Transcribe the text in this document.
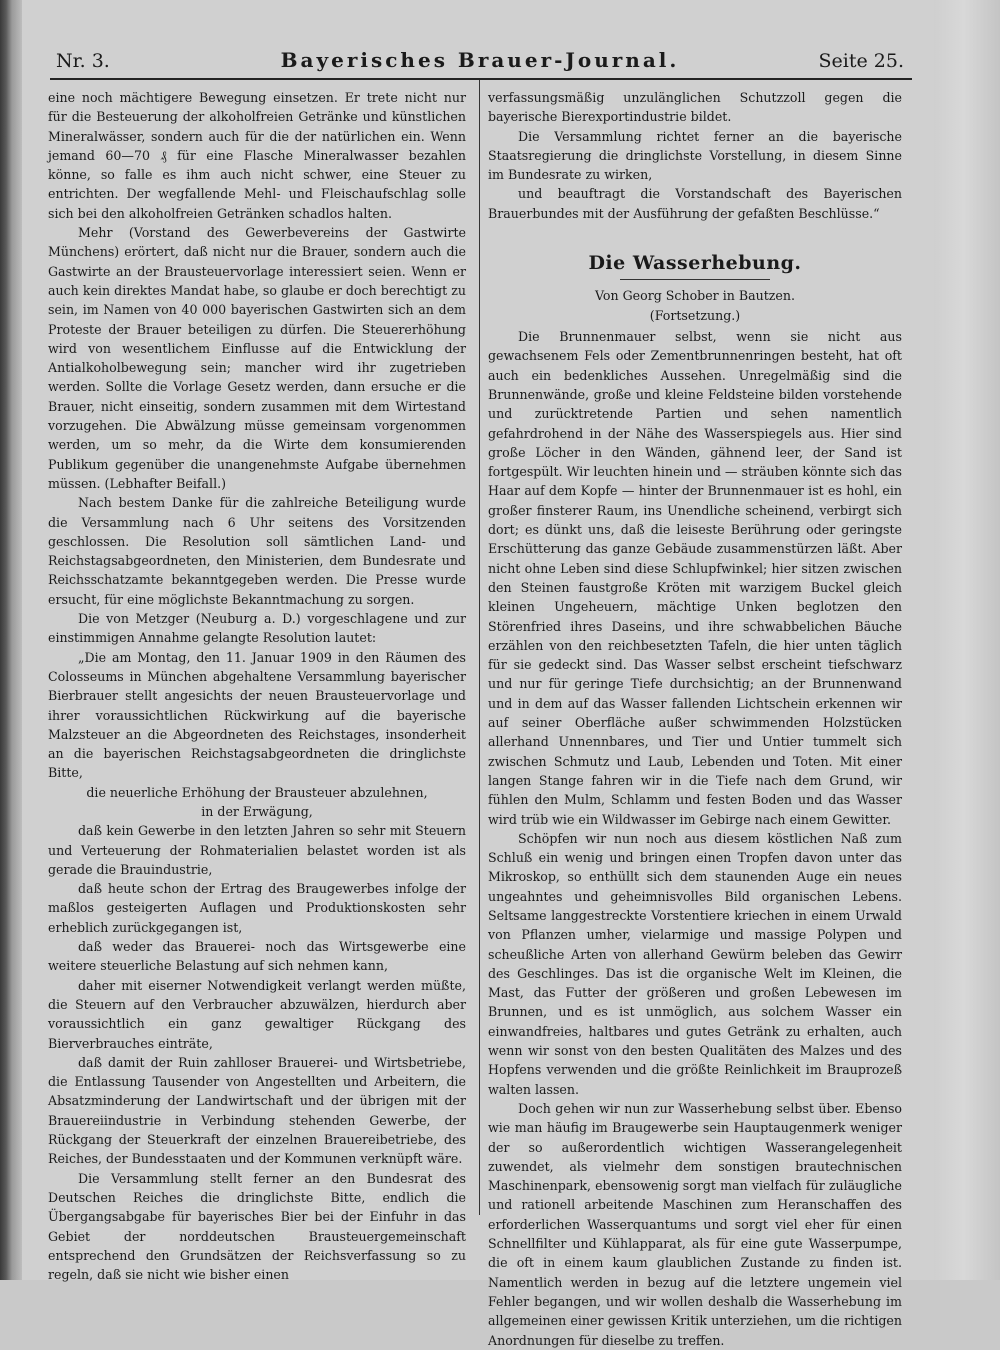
Nr. 3.	Bayerisches Brauer-Journal.	Seite 25.

eine noch mächtigere Bewegung einsetzen. Er trete nicht nur für die Besteuerung der alkoholfreien Getränke und künstlichen Mineralwässer, sondern auch für die der natürlichen ein. Wenn jemand 60—70 ₰ für eine Flasche Mineralwasser bezahlen könne, so falle es ihm auch nicht schwer, eine Steuer zu entrichten. Der wegfallende Mehl- und Fleischaufschlag solle sich bei den alkoholfreien Getränken schadlos halten.

Mehr (Vorstand des Gewerbevereins der Gastwirte Münchens) erörtert, daß nicht nur die Brauer, sondern auch die Gastwirte an der Brausteuervorlage interessiert seien. Wenn er auch kein direktes Mandat habe, so glaube er doch berechtigt zu sein, im Namen von 40 000 bayerischen Gastwirten sich an dem Proteste der Brauer beteiligen zu dürfen. Die Steuererhöhung wird von wesentlichem Einflusse auf die Entwicklung der Antialkoholbewegung sein; mancher wird ihr zugetrieben werden. Sollte die Vorlage Gesetz werden, dann ersuche er die Brauer, nicht einseitig, sondern zusammen mit dem Wirtestand vorzugehen. Die Abwälzung müsse gemeinsam vorgenommen werden, um so mehr, da die Wirte dem konsumierenden Publikum gegenüber die unangenehmste Aufgabe übernehmen müssen. (Lebhafter Beifall.)

Nach bestem Danke für die zahlreiche Beteiligung wurde die Versammlung nach 6 Uhr seitens des Vorsitzenden geschlossen. Die Resolution soll sämtlichen Land- und Reichstagsabgeordneten, den Ministerien, dem Bundesrate und Reichsschatzamte bekanntgegeben werden. Die Presse wurde ersucht, für eine möglichste Bekanntmachung zu sorgen.

Die von Metzger (Neuburg a. D.) vorgeschlagene und zur einstimmigen Annahme gelangte Resolution lautet:

„Die am Montag, den 11. Januar 1909 in den Räumen des Colosseums in München abgehaltene Versammlung bayerischer Bierbrauer stellt angesichts der neuen Brausteuervorlage und ihrer voraussichtlichen Rückwirkung auf die bayerische Malzsteuer an die Abgeordneten des Reichstages, insonderheit an die bayerischen Reichstagsabgeordneten die dringlichste Bitte,

die neuerliche Erhöhung der Brausteuer abzulehnen,

in der Erwägung,

daß kein Gewerbe in den letzten Jahren so sehr mit Steuern und Verteuerung der Rohmaterialien belastet worden ist als gerade die Brauindustrie,

daß heute schon der Ertrag des Braugewerbes infolge der maßlos gesteigerten Auflagen und Produktionskosten sehr erheblich zurückgegangen ist,

daß weder das Brauerei- noch das Wirtsgewerbe eine weitere steuerliche Belastung auf sich nehmen kann,

daher mit eiserner Notwendigkeit verlangt werden müßte, die Steuern auf den Verbraucher abzuwälzen, hierdurch aber voraussichtlich ein ganz gewaltiger Rückgang des Bierverbrauches einträte,

daß damit der Ruin zahlloser Brauerei- und Wirtsbetriebe, die Entlassung Tausender von Angestellten und Arbeitern, die Absatzminderung der Landwirtschaft und der übrigen mit der Brauereiindustrie in Verbindung stehenden Gewerbe, der Rückgang der Steuerkraft der einzelnen Brauereibetriebe, des Reiches, der Bundesstaaten und der Kommunen verknüpft wäre.

Die Versammlung stellt ferner an den Bundesrat des Deutschen Reiches die dringlichste Bitte, endlich die Übergangsabgabe für bayerisches Bier bei der Einfuhr in das Gebiet der norddeutschen Brausteuergemeinschaft entsprechend den Grundsätzen der Reichsverfassung so zu regeln, daß sie nicht wie bisher einen

verfassungsmäßig unzulänglichen Schutzzoll gegen die bayerische Bierexportindustrie bildet.

Die Versammlung richtet ferner an die bayerische Staatsregierung die dringlichste Vorstellung, in diesem Sinne im Bundesrate zu wirken,

und beauftragt die Vorstandschaft des Bayerischen Brauerbundes mit der Ausführung der gefaßten Beschlüsse.“

Die Wasserhebung.
Von Georg Schober in Bautzen.
(Fortsetzung.)

Die Brunnenmauer selbst, wenn sie nicht aus gewachsenem Fels oder Zementbrunnenringen besteht, hat oft auch ein bedenkliches Aussehen. Unregelmäßig sind die Brunnenwände, große und kleine Feldsteine bilden vorstehende und zurücktretende Partien und sehen namentlich gefahrdrohend in der Nähe des Wasserspiegels aus. Hier sind große Löcher in den Wänden, gähnend leer, der Sand ist fortgespült. Wir leuchten hinein und — sträuben könnte sich das Haar auf dem Kopfe — hinter der Brunnenmauer ist es hohl, ein großer finsterer Raum, ins Unendliche scheinend, verbirgt sich dort; es dünkt uns, daß die leiseste Berührung oder geringste Erschütterung das ganze Gebäude zusammenstürzen läßt. Aber nicht ohne Leben sind diese Schlupfwinkel; hier sitzen zwischen den Steinen faustgroße Kröten mit warzigem Buckel gleich kleinen Ungeheuern, mächtige Unken beglotzen den Störenfried ihres Daseins, und ihre schwabbelichen Bäuche erzählen von den reichbesetzten Tafeln, die hier unten täglich für sie gedeckt sind. Das Wasser selbst erscheint tiefschwarz und nur für geringe Tiefe durchsichtig; an der Brunnenwand und in dem auf das Wasser fallenden Lichtschein erkennen wir auf seiner Oberfläche außer schwimmenden Holzstücken allerhand Unnennbares, und Tier und Untier tummelt sich zwischen Schmutz und Laub, Lebenden und Toten. Mit einer langen Stange fahren wir in die Tiefe nach dem Grund, wir fühlen den Mulm, Schlamm und festen Boden und das Wasser wird trüb wie ein Wildwasser im Gebirge nach einem Gewitter.

Schöpfen wir nun noch aus diesem köstlichen Naß zum Schluß ein wenig und bringen einen Tropfen davon unter das Mikroskop, so enthüllt sich dem staunenden Auge ein neues ungeahntes und geheimnisvolles Bild organischen Lebens. Seltsame langgestreckte Vorstentiere kriechen in einem Urwald von Pflanzen umher, vielarmige und massige Polypen und scheußliche Arten von allerhand Gewürm beleben das Gewirr des Geschlinges. Das ist die organische Welt im Kleinen, die Mast, das Futter der größeren und großen Lebewesen im Brunnen, und es ist unmöglich, aus solchem Wasser ein einwandfreies, haltbares und gutes Getränk zu erhalten, auch wenn wir sonst von den besten Qualitäten des Malzes und des Hopfens verwenden und die größte Reinlichkeit im Brauprozeß walten lassen.

Doch gehen wir nun zur Wasserhebung selbst über. Ebenso wie man häufig im Braugewerbe sein Hauptaugenmerk weniger der so außerordentlich wichtigen Wasserangelegenheit zuwendet, als vielmehr dem sonstigen brautechnischen Maschinenpark, ebensowenig sorgt man vielfach für zuläugliche und rationell arbeitende Maschinen zum Heranschaffen des erforderlichen Wasserquantums und sorgt viel eher für einen Schnellfilter und Kühlapparat, als für eine gute Wasserpumpe, die oft in einem kaum glaublichen Zustande zu finden ist. Namentlich werden in bezug auf die letztere ungemein viel Fehler begangen, und wir wollen deshalb die Wasserhebung im allgemeinen einer gewissen Kritik unterziehen, um die richtigen Anordnungen für dieselbe zu treffen.
